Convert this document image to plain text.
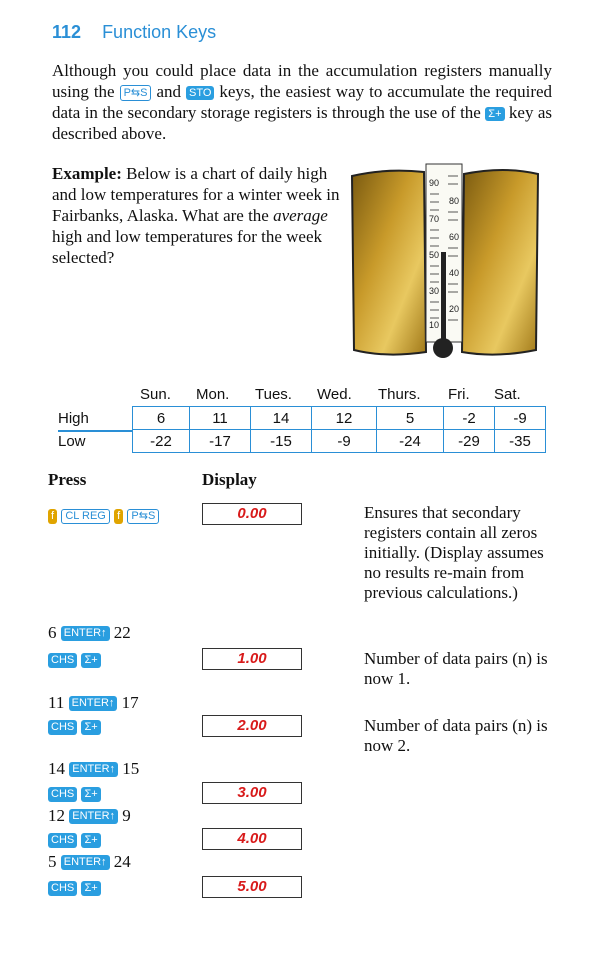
112 Function Keys
Although you could place data in the accumulation registers manually using the P⇆S and STO keys, the easiest way to accumulate the required data in the secondary storage registers is through the use of the Σ+ key as described above.
Example: Below is a chart of daily high and low temperatures for a winter week in Fairbanks, Alaska. What are the average high and low temperatures for the week selected?
90
70
50
30
10
80
60
40
20
Sun. Mon. Tues. Wed. Thurs. Fri. Sat.
High	6	11	14	12	5	-2	-9
Low	-22	-17	-15	-9	-24	-29	-35
Press	Display
f CL REG f P⇆S	0.00	Ensures that secondary registers contain all zeros initially. (Display assumes no results re-main from previous calculations.)
6 ENTER↑ 22
CHS Σ+	1.00	Number of data pairs (n) is now 1.
11 ENTER↑ 17
CHS Σ+	2.00	Number of data pairs (n) is now 2.
14 ENTER↑ 15
CHS Σ+	3.00
12 ENTER↑ 9
CHS Σ+	4.00
5 ENTER↑ 24
CHS Σ+	5.00
